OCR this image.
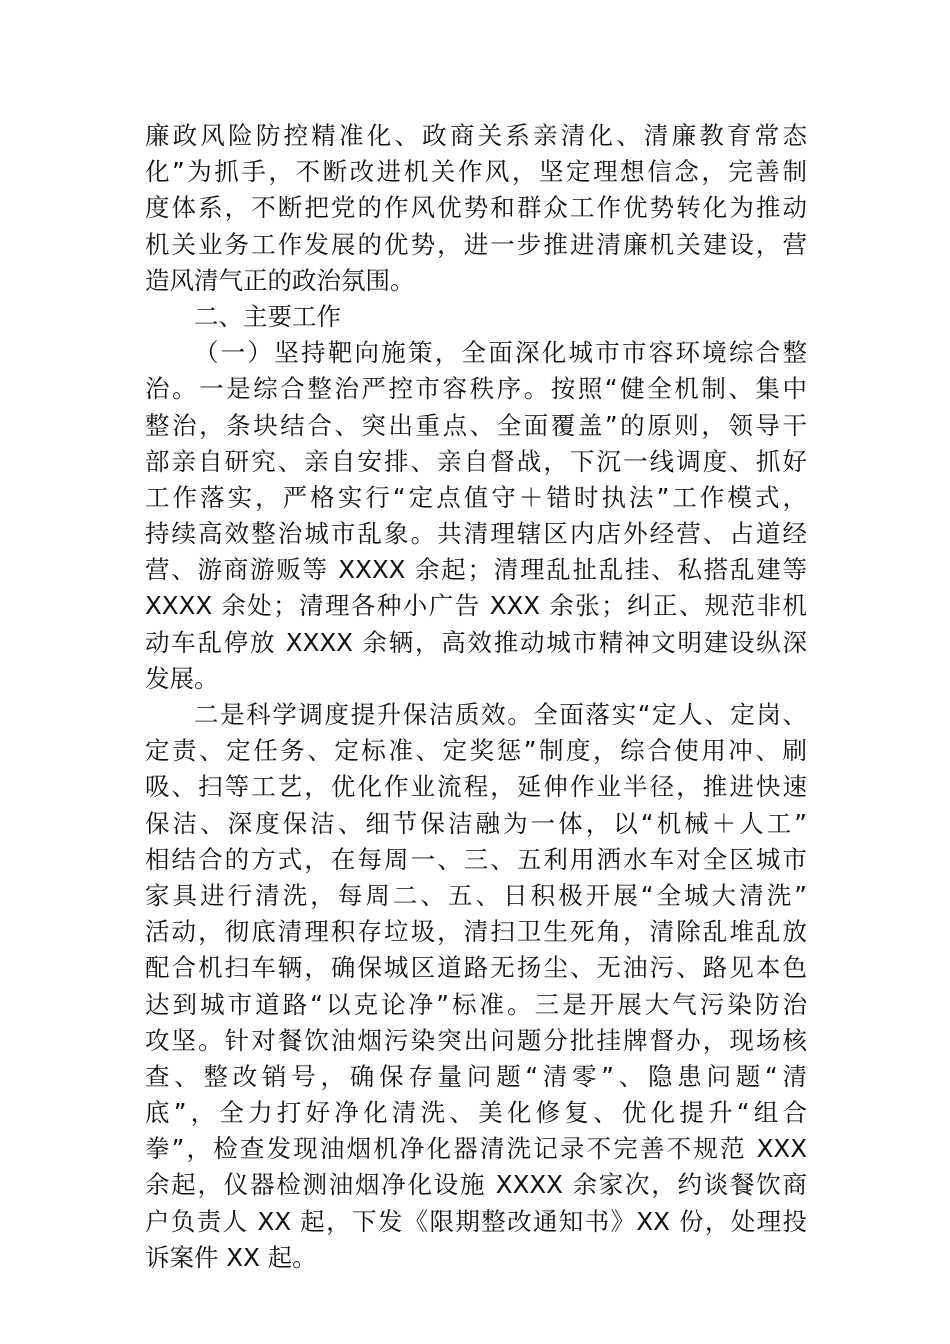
廉政风险防控精准化、政商关系亲清化、清廉教育常态
化”为抓手，不断改进机关作风，坚定理想信念，完善制
度体系，不断把党的作风优势和群众工作优势转化为推动
机关业务工作发展的优势，进一步推进清廉机关建设，营
造风清气正的政治氛围。
二、主要工作
（一）坚持靶向施策，全面深化城市市容环境综合整
治。一是综合整治严控市容秩序。按照“健全机制、集中
整治，条块结合、突出重点、全面覆盖”的原则，领导干
部亲自研究、亲自安排、亲自督战，下沉一线调度、抓好
工作落实，严格实行“定点值守＋错时执法”工作模式，
持续高效整治城市乱象。共清理辖区内店外经营、占道经
营、游商游贩等 XXXX 余起；清理乱扯乱挂、私搭乱建等
XXXX 余处；清理各种小广告 XXX 余张；纠正、规范非机
动车乱停放 XXXX 余辆，高效推动城市精神文明建设纵深
发展。
二是科学调度提升保洁质效。全面落实“定人、定岗、
定责、定任务、定标准、定奖惩”制度，综合使用冲、刷
吸、扫等工艺，优化作业流程，延伸作业半径，推进快速
保洁、深度保洁、细节保洁融为一体，以“机械＋人工”
相结合的方式，在每周一、三、五利用洒水车对全区城市
家具进行清洗，每周二、五、日积极开展“全城大清洗”
活动，彻底清理积存垃圾，清扫卫生死角，清除乱堆乱放
配合机扫车辆，确保城区道路无扬尘、无油污、路见本色
达到城市道路“以克论净”标准。三是开展大气污染防治
攻坚。针对餐饮油烟污染突出问题分批挂牌督办，现场核
查、整改销号，确保存量问题“清零”、隐患问题“清
底”，全力打好净化清洗、美化修复、优化提升“组合
拳”，检查发现油烟机净化器清洗记录不完善不规范 XXX
余起，仪器检测油烟净化设施 XXXX 余家次，约谈餐饮商
户负责人 XX 起，下发《限期整改通知书》XX 份，处理投
诉案件 XX 起。
